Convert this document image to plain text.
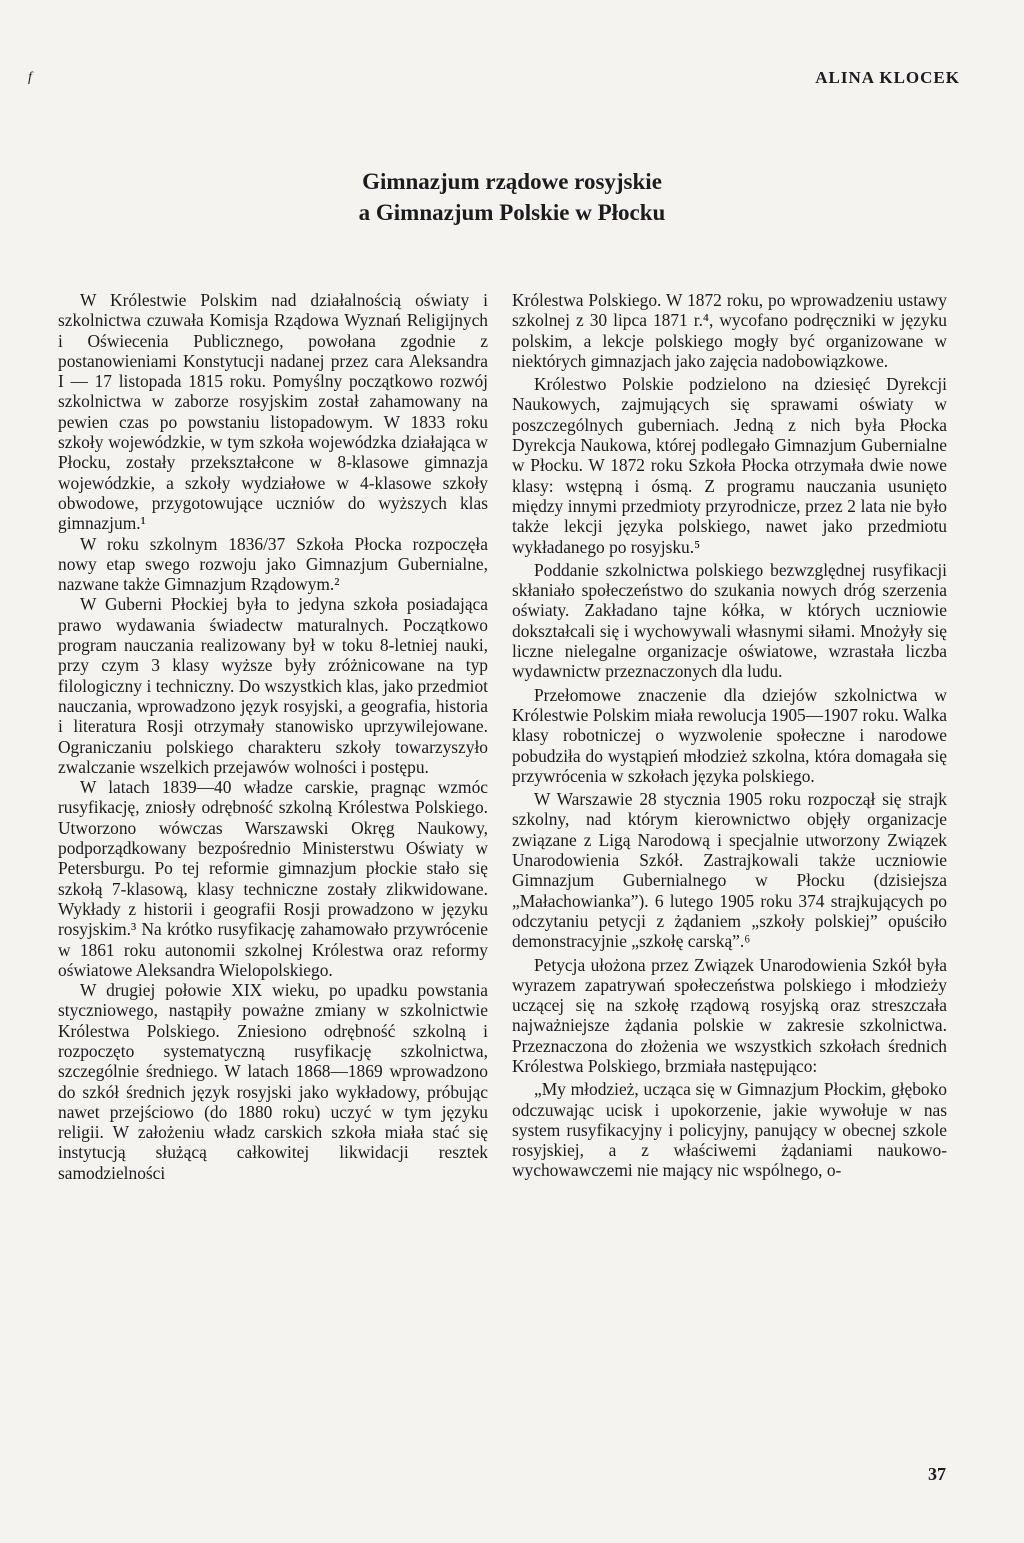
f	ALINA KLOCEK
Gimnazjum rządowe rosyjskie
a Gimnazjum Polskie w Płocku

W Królestwie Polskim nad działalnością oświaty i szkolnictwa czuwała Komisja Rządowa Wyznań Religijnych i Oświecenia Publicznego, powołana zgodnie z postanowieniami Konstytucji nadanej przez cara Aleksandra I — 17 listopada 1815 roku. Pomyślny początkowo rozwój szkolnictwa w zaborze rosyjskim został zahamowany na pewien czas po powstaniu listopadowym. W 1833 roku szkoły wojewódzkie, w tym szkoła wojewódzka działająca w Płocku, zostały przekształcone w 8-klasowe gimnazja wojewódzkie, a szkoły wydziałowe w 4-klasowe szkoły obwodowe, przygotowujące uczniów do wyższych klas gimnazjum.¹

W roku szkolnym 1836/37 Szkoła Płocka rozpoczęła nowy etap swego rozwoju jako Gimnazjum Gubernialne, nazwane także Gimnazjum Rządowym.²

W Guberni Płockiej była to jedyna szkoła posiadająca prawo wydawania świadectw maturalnych. Początkowo program nauczania realizowany był w toku 8-letniej nauki, przy czym 3 klasy wyższe były zróżnicowane na typ filologiczny i techniczny. Do wszystkich klas, jako przedmiot nauczania, wprowadzono język rosyjski, a geografia, historia i literatura Rosji otrzymały stanowisko uprzywilejowane. Ograniczaniu polskiego charakteru szkoły towarzyszyło zwalczanie wszelkich przejawów wolności i postępu.

W latach 1839—40 władze carskie, pragnąc wzmóc rusyfikację, zniosły odrębność szkolną Królestwa Polskiego. Utworzono wówczas Warszawski Okręg Naukowy, podporządkowany bezpośrednio Ministerstwu Oświaty w Petersburgu. Po tej reformie gimnazjum płockie stało się szkołą 7-klasową, klasy techniczne zostały zlikwidowane. Wykłady z historii i geografii Rosji prowadzono w języku rosyjskim.³ Na krótko rusyfikację zahamowało przywrócenie w 1861 roku autonomii szkolnej Królestwa oraz reformy oświatowe Aleksandra Wielopolskiego.

W drugiej połowie XIX wieku, po upadku powstania styczniowego, nastąpiły poważne zmiany w szkolnictwie Królestwa Polskiego. Zniesiono odrębność szkolną i rozpoczęto systematyczną rusyfikację szkolnictwa, szczególnie średniego. W latach 1868—1869 wprowadzono do szkół średnich język rosyjski jako wykładowy, próbując nawet przejściowo (do 1880 roku) uczyć w tym języku religii. W założeniu władz carskich szkoła miała stać się instytucją służącą całkowitej likwidacji resztek samodzielności

Królestwa Polskiego. W 1872 roku, po wprowadzeniu ustawy szkolnej z 30 lipca 1871 r.⁴, wycofano podręczniki w języku polskim, a lekcje polskiego mogły być organizowane w niektórych gimnazjach jako zajęcia nadobowiązkowe.

Królestwo Polskie podzielono na dziesięć Dyrekcji Naukowych, zajmujących się sprawami oświaty w poszczególnych guberniach. Jedną z nich była Płocka Dyrekcja Naukowa, której podlegało Gimnazjum Gubernialne w Płocku. W 1872 roku Szkoła Płocka otrzymała dwie nowe klasy: wstępną i ósmą. Z programu nauczania usunięto między innymi przedmioty przyrodnicze, przez 2 lata nie było także lekcji języka polskiego, nawet jako przedmiotu wykładanego po rosyjsku.⁵

Poddanie szkolnictwa polskiego bezwzględnej rusyfikacji skłaniało społeczeństwo do szukania nowych dróg szerzenia oświaty. Zakładano tajne kółka, w których uczniowie dokształcali się i wychowywali własnymi siłami. Mnożyły się liczne nielegalne organizacje oświatowe, wzrastała liczba wydawnictw przeznaczonych dla ludu.

Przełomowe znaczenie dla dziejów szkolnictwa w Królestwie Polskim miała rewolucja 1905—1907 roku. Walka klasy robotniczej o wyzwolenie społeczne i narodowe pobudziła do wystąpień młodzież szkolna, która domagała się przywrócenia w szkołach języka polskiego.

W Warszawie 28 stycznia 1905 roku rozpoczął się strajk szkolny, nad którym kierownictwo objęły organizacje związane z Ligą Narodową i specjalnie utworzony Związek Unarodowienia Szkół. Zastrajkowali także uczniowie Gimnazjum Gubernialnego w Płocku (dzisiejsza „Małachowianka”). 6 lutego 1905 roku 374 strajkujących po odczytaniu petycji z żądaniem „szkoły polskiej” opuściło demonstracyjnie „szkołę carską”.⁶

Petycja ułożona przez Związek Unarodowienia Szkół była wyrazem zapatrywań społeczeństwa polskiego i młodzieży uczącej się na szkołę rządową rosyjską oraz streszczała najważniejsze żądania polskie w zakresie szkolnictwa. Przeznaczona do złożenia we wszystkich szkołach średnich Królestwa Polskiego, brzmiała następująco:

„My młodzież, ucząca się w Gimnazjum Płockim, głęboko odczuwając ucisk i upokorzenie, jakie wywołuje w nas system rusyfikacyjny i policyjny, panujący w obecnej szkole rosyjskiej, a z właściwemi żądaniami naukowo-wychowawczemi nie mający nic wspólnego, o-

37
